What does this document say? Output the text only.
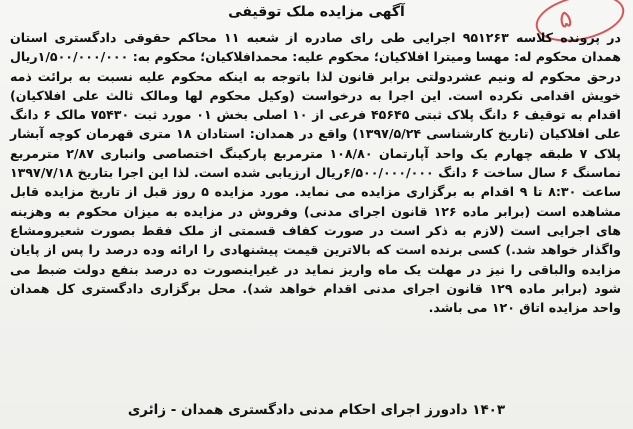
۵
آگهی مزایده ملک توقیفی

در پرونده کلاسه ۹۵۱۲۶۳ اجرایی طی رای صادره از شعبه ۱۱ محاکم حقوقی دادگستری استان همدان محکوم له: مهسا ومیترا افلاکیان؛ محکوم علیه: محمدافلاکیان؛ محکوم به: ۱/۵۰۰/۰۰۰/۰۰۰ریال درحق محکوم له ونیم عشردولتی برابر قانون لذا باتوجه به اینکه محکوم علیه نسبت به برائت ذمه خویش اقدامی نکرده است. این اجرا به درخواست (وکیل محکوم لها ومالک ثالث علی افلاکیان) اقدام به توقیف ۶ دانگ پلاک ثبتی ۴۵۶۴۵ فرعی از ۱۰ اصلی بخش ۰۱ مورد ثبت ۷۵۴۳۰ مالک ۶ دانگ علی افلاکیان (تاریخ کارشناسی ۱۳۹۷/۵/۲۴) واقع در همدان: استادان ۱۸ متری قهرمان کوچه آبشار پلاک ۷ طبقه چهارم یک واحد آپارتمان ۱۰۸/۸۰ مترمربع پارکینگ اختصاصی وانباری ۲/۸۷ مترمربع نماسنگ ۶ سال ساخت ۶ دانگ ۶/۵۰۰/۰۰۰/۰۰۰ریال ارزیابی شده است. لذا این اجرا بتاریخ ۱۳۹۷/۷/۱۸ ساعت ۸:۳۰ تا ۹ اقدام به برگزاری مزایده می نماید. مورد مزایده ۵ روز قبل از تاریخ مزایده قابل مشاهده است (برابر ماده ۱۲۶ قانون اجرای مدنی) وفروش در مزایده به میزان محکوم به وهزینه های اجرایی است (لازم به ذکر است در صورت کفاف قسمتی از ملک فقط بصورت شعیرومشاع واگذار خواهد شد.) کسی برنده است که بالاترین قیمت پیشنهادی را ارائه وده درصد را پس از پایان مزایده والباقی را نیز در مهلت یک ماه واریز نماید در غیراینصورت ده درصد بنفع دولت ضبط می شود (برابر ماده ۱۲۹ قانون اجرای مدنی اقدام خواهد شد). محل برگزاری دادگستری کل همدان واحد مزایده اتاق ۱۲۰ می باشد.

۱۴۰۳ دادورز اجرای احکام مدنی دادگستری همدان - زائری
